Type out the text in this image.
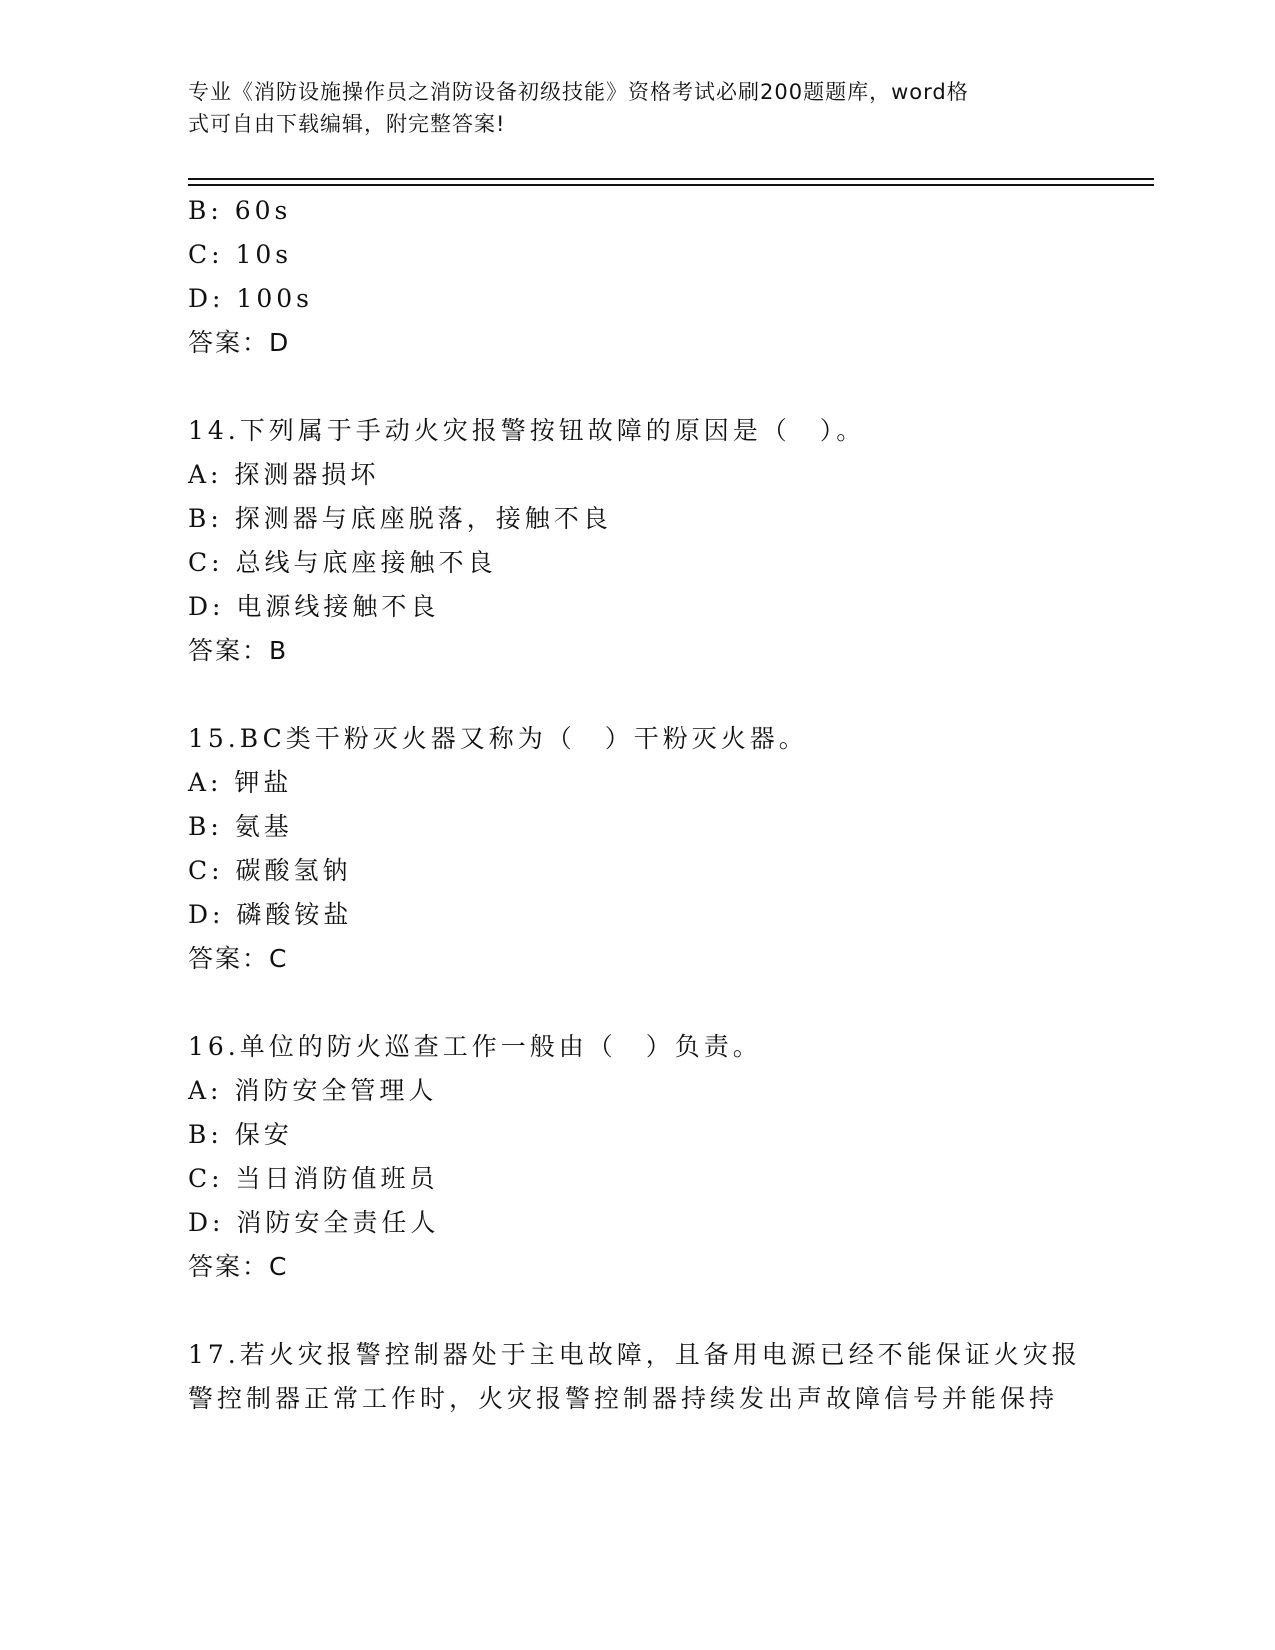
专业《消防设施操作员之消防设备初级技能》资格考试必刷200题题库，word格
式可自由下载编辑，附完整答案!
B: 60s
C: 10s
D: 100s
答案：D
14.下列属于手动火灾报警按钮故障的原因是（　）。
A: 探测器损坏
B: 探测器与底座脱落，接触不良
C: 总线与底座接触不良
D: 电源线接触不良
答案：B
15.BC类干粉灭火器又称为（　）干粉灭火器。
A: 钾盐
B: 氨基
C: 碳酸氢钠
D: 磷酸铵盐
答案：C
16.单位的防火巡查工作一般由（　）负责。
A: 消防安全管理人
B: 保安
C: 当日消防值班员
D: 消防安全责任人
答案：C
17.若火灾报警控制器处于主电故障，且备用电源已经不能保证火灾报
警控制器正常工作时，火灾报警控制器持续发出声故障信号并能保持
